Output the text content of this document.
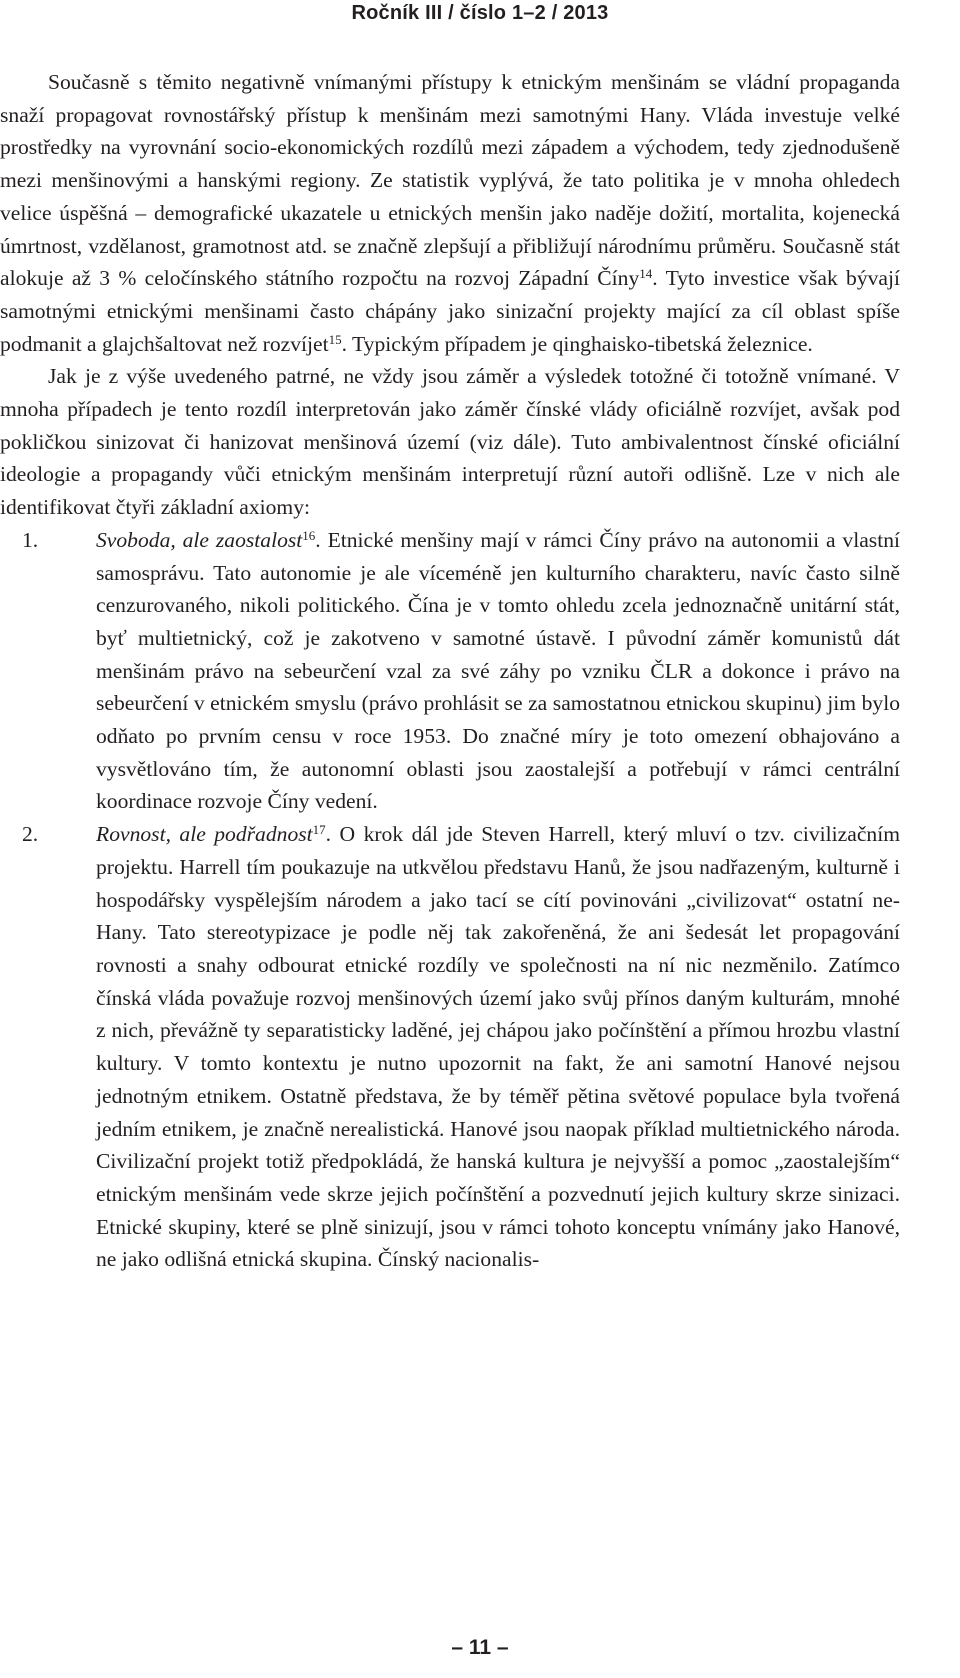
Ročník III / číslo 1–2 / 2013

Současně s těmito negativně vnímanými přístupy k etnickým menšinám se vládní propaganda snaží propagovat rovnostářský přístup k menšinám mezi samotnými Hany. Vláda investuje velké prostředky na vyrovnání socio-ekonomických rozdílů mezi západem a východem, tedy zjednodušeně mezi menšinovými a hanskými regiony. Ze statistik vyplývá, že tato politika je v mnoha ohledech velice úspěšná – demografické ukazatele u etnických menšin jako naděje dožití, mortalita, kojenecká úmrtnost, vzdělanost, gramotnost atd. se značně zlepšují a přibližují národnímu průměru. Současně stát alokuje až 3 % celočínského státního rozpočtu na rozvoj Západní Číny$^{14}$. Tyto investice však bývají samotnými etnickými menšinami často chápány jako sinizační projekty mající za cíl oblast spíše podmanit a glajchšaltovat než rozvíjet$^{15}$. Typickým případem je qinghaisko-tibetská železnice.

Jak je z výše uvedeného patrné, ne vždy jsou záměr a výsledek totožné či totožně vnímané. V mnoha případech je tento rozdíl interpretován jako záměr čínské vlády oficiálně rozvíjet, avšak pod pokličkou sinizovat či hanizovat menšinová území (viz dále). Tuto ambivalentnost čínské oficiální ideologie a propagandy vůči etnickým menšinám interpretují různí autoři odlišně. Lze v nich ale identifikovat čtyři základní axiomy:

1.	Svoboda, ale zaostalost$^{16}$. Etnické menšiny mají v rámci Číny právo na autonomii a vlastní samosprávu. Tato autonomie je ale víceméně jen kulturního charakteru, navíc často silně cenzurovaného, nikoli politického. Čína je v tomto ohledu zcela jednoznačně unitární stát, byť multietnický, což je zakotveno v samotné ústavě. I původní záměr komunistů dát menšinám právo na sebeurčení vzal za své záhy po vzniku ČLR a dokonce i právo na sebeurčení v etnickém smyslu (právo prohlásit se za samostatnou etnickou skupinu) jim bylo odňato po prvním censu v roce 1953. Do značné míry je toto omezení obhajováno a vysvětlováno tím, že autonomní oblasti jsou zaostalejší a potřebují v rámci centrální koordinace rozvoje Číny vedení.
2.	Rovnost, ale podřadnost$^{17}$. O krok dál jde Steven Harrell, který mluví o tzv. civilizačním projektu. Harrell tím poukazuje na utkvělou představu Hanů, že jsou nadřazeným, kulturně i hospodářsky vyspělejším národem a jako tací se cítí povinováni „civilizovat“ ostatní ne-Hany. Tato stereotypizace je podle něj tak zakořeněná, že ani šedesát let propagování rovnosti a snahy odbourat etnické rozdíly ve společnosti na ní nic nezměnilo. Zatímco čínská vláda považuje rozvoj menšinových území jako svůj přínos daným kulturám, mnohé z nich, převážně ty separatisticky laděné, jej chápou jako počínštění a přímou hrozbu vlastní kultury. V tomto kontextu je nutno upozornit na fakt, že ani samotní Hanové nejsou jednotným etnikem. Ostatně představa, že by téměř pětina světové populace byla tvořená jedním etnikem, je značně nerealistická. Hanové jsou naopak příklad multietnického národa. Civilizační projekt totiž předpokládá, že hanská kultura je nejvyšší a pomoc „zaostalejším“ etnickým menšinám vede skrze jejich počínštění a pozvednutí jejich kultury skrze sinizaci. Etnické skupiny, které se plně sinizují, jsou v rámci tohoto konceptu vnímány jako Hanové, ne jako odlišná etnická skupina. Čínský nacionalis-
– 11 –
